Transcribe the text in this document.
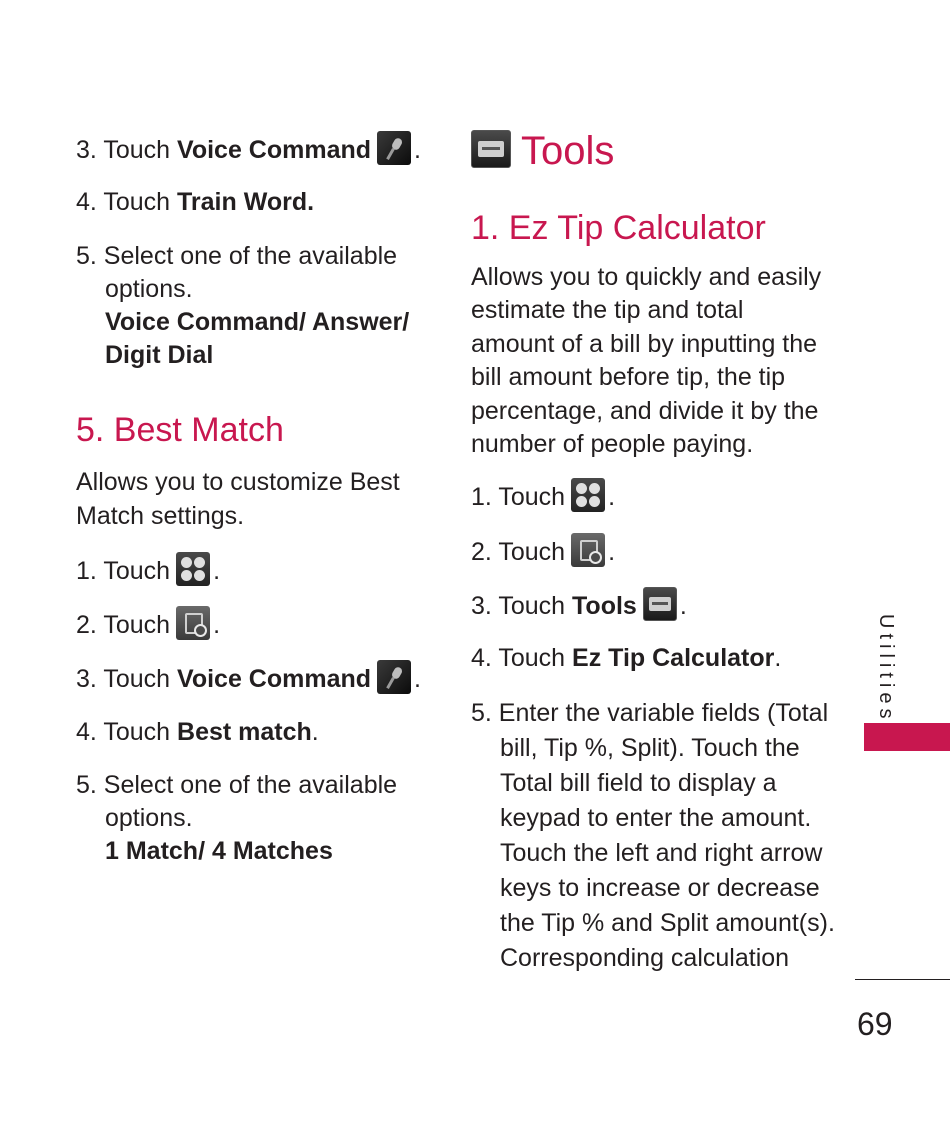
3. Touch Voice Command .
4. Touch Train Word.
5. Select one of the available
options.
Voice Command/ Answer/
Digit Dial
5. Best Match
Allows you to customize Best
Match settings.
1. Touch .
2. Touch .
3. Touch Voice Command .
4. Touch Best match.
5. Select one of the available
options.
1 Match/ 4 Matches
Tools
1. Ez Tip Calculator
Allows you to quickly and easily
estimate the tip and total
amount of a bill by inputting the
bill amount before tip, the tip
percentage, and divide it by the
number of people paying.
1. Touch .
2. Touch .
3. Touch Tools .
4. Touch Ez Tip Calculator.
5. Enter the variable fields (Total
bill, Tip %, Split). Touch the
Total bill field to display a
keypad to enter the amount.
Touch the left and right arrow
keys to increase or decrease
the Tip % and Split amount(s).
Corresponding calculation
Utilities
69
